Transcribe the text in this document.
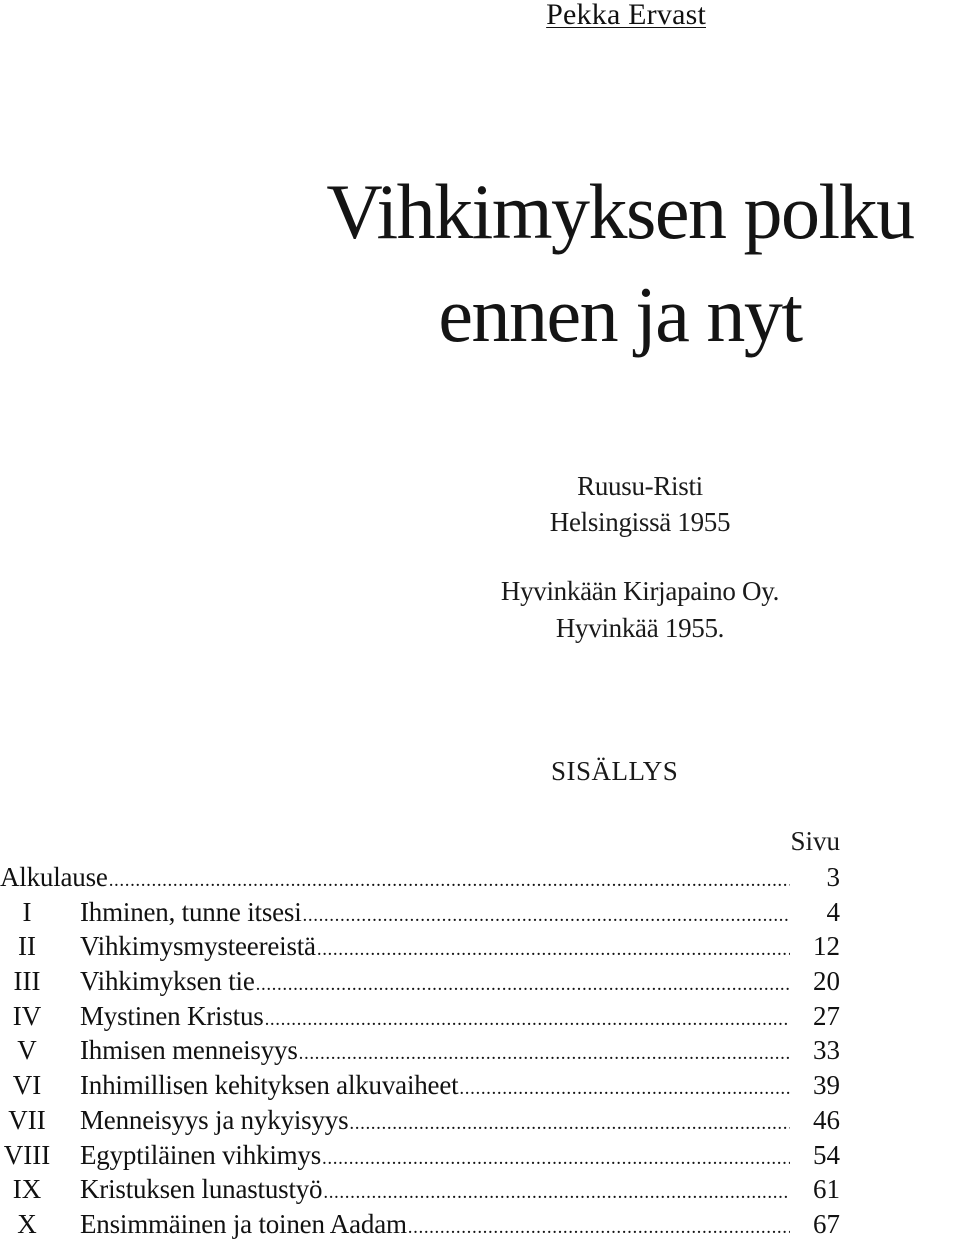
Pekka Ervast
Vihkimyksen polku
ennen ja nyt
Ruusu-Risti
Helsingissä 1955
Hyvinkään Kirjapaino Oy.
Hyvinkää 1955.
SISÄLLYS
Sivu
Alkulause .....	3
I	Ihminen, tunne itsesi .....	4
II	Vihkimysmysteereistä .....	12
III	Vihkimyksen tie .....	20
IV	Mystinen Kristus .....	27
V	Ihmisen menneisyys .....	33
VI	Inhimillisen kehityksen alkuvaiheet .....	39
VII	Menneisyys ja nykyisyys .....	46
VIII Egyptiläinen vihkimys .....	54
IX	Kristuksen lunastustyö .....	61
X	Ensimmäinen ja toinen Aadam .....	67
